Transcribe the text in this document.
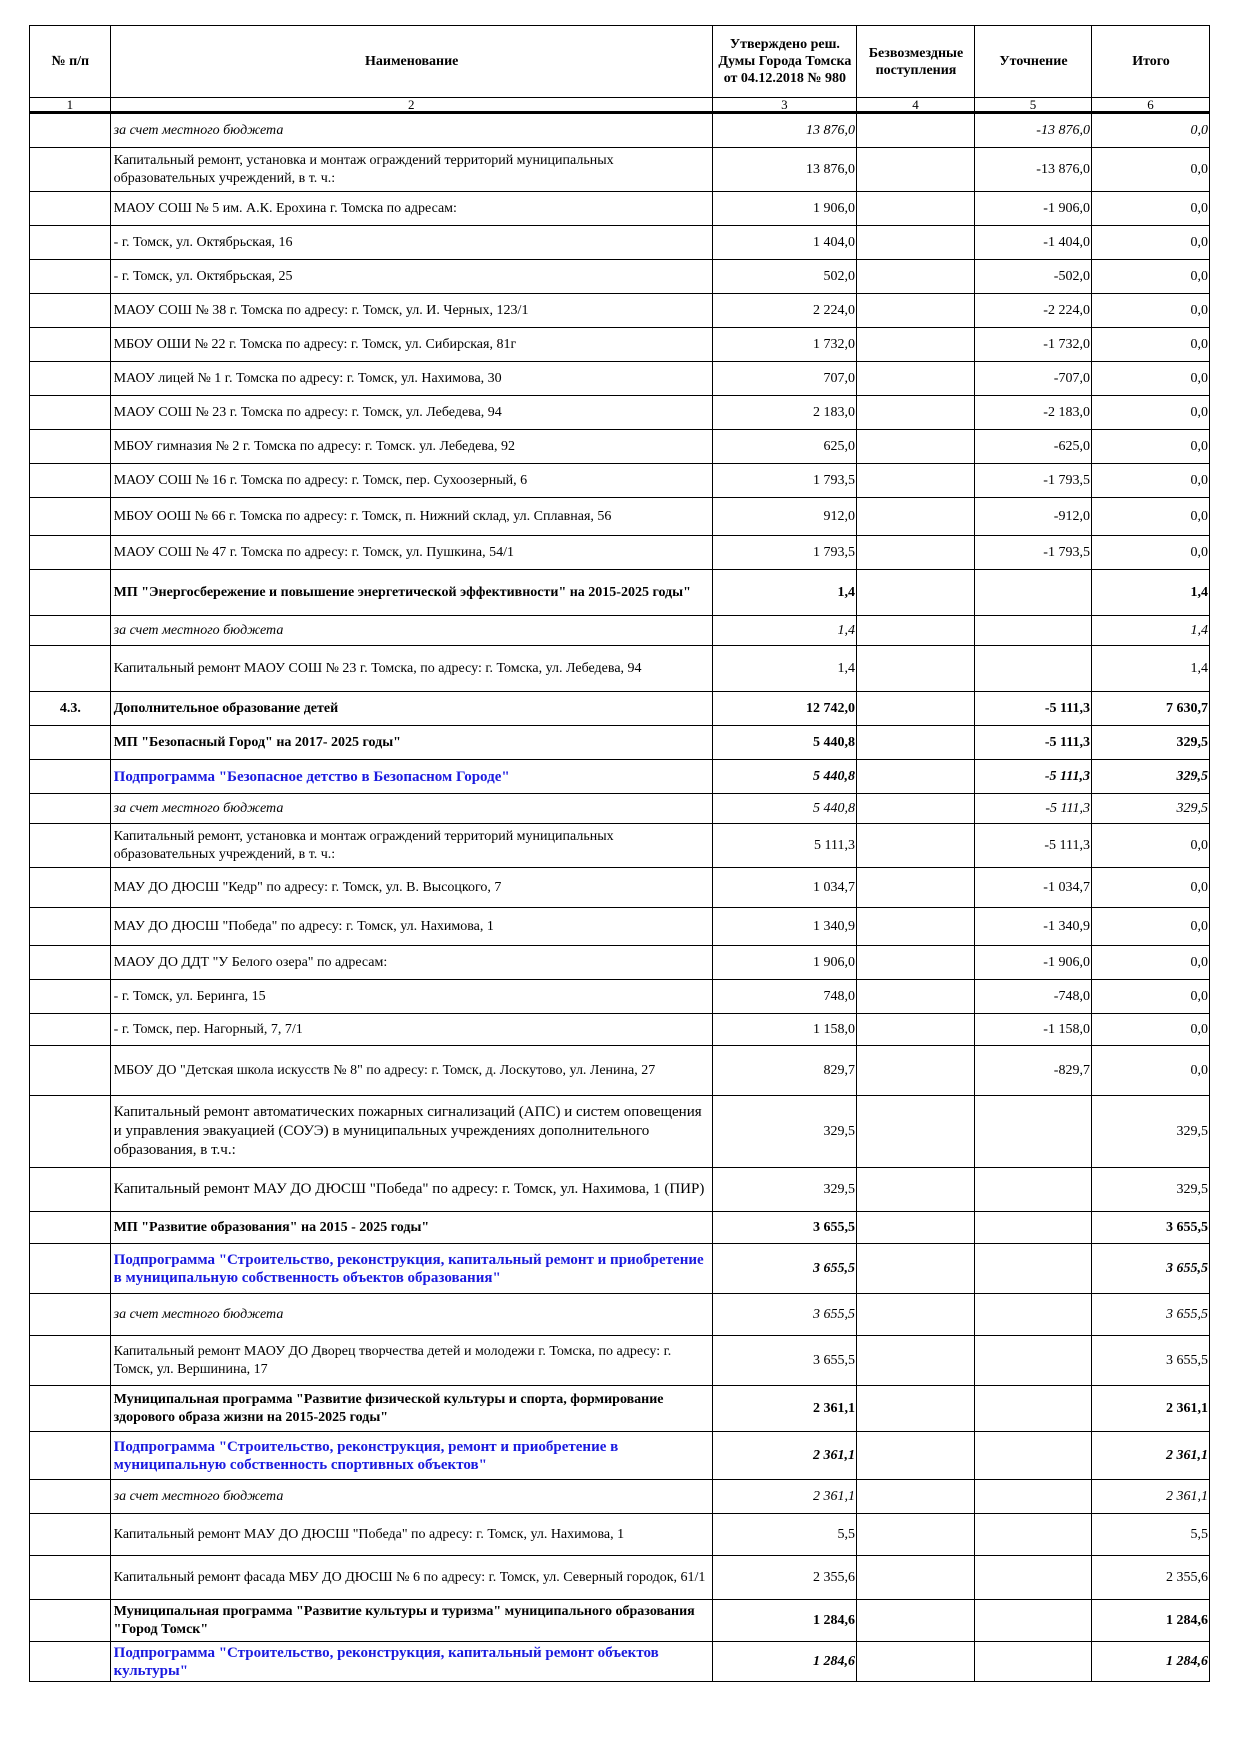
№ п/п	Наименование	Утверждено реш. Думы Города Томска от 04.12.2018 № 980	Безвозмездные поступления	Уточнение	Итого
1	2	3	4	5	6
	за счет местного бюджета	13 876,0		-13 876,0	0,0
	Капитальный ремонт, установка и монтаж ограждений территорий муниципальных образовательных учреждений, в т. ч.:	13 876,0		-13 876,0	0,0
	МАОУ СОШ № 5 им. А.К. Ерохина г. Томска по адресам:	1 906,0		-1 906,0	0,0
	- г. Томск, ул. Октябрьская, 16	1 404,0		-1 404,0	0,0
	- г. Томск, ул. Октябрьская, 25	502,0		-502,0	0,0
	МАОУ СОШ № 38 г. Томска по адресу: г. Томск, ул. И. Черных, 123/1	2 224,0		-2 224,0	0,0
	МБОУ ОШИ № 22 г. Томска по адресу: г. Томск, ул. Сибирская, 81г	1 732,0		-1 732,0	0,0
	МАОУ лицей № 1 г. Томска по адресу: г. Томск, ул. Нахимова, 30	707,0		-707,0	0,0
	МАОУ СОШ № 23 г. Томска по адресу: г. Томск, ул. Лебедева, 94	2 183,0		-2 183,0	0,0
	МБОУ гимназия № 2 г. Томска по адресу: г. Томск. ул. Лебедева, 92	625,0		-625,0	0,0
	МАОУ СОШ № 16 г. Томска по адресу: г. Томск, пер. Сухоозерный, 6	1 793,5		-1 793,5	0,0
	МБОУ ООШ № 66 г. Томска по адресу: г. Томск, п. Нижний склад, ул. Сплавная, 56	912,0		-912,0	0,0
	МАОУ СОШ № 47 г. Томска по адресу: г. Томск, ул. Пушкина, 54/1	1 793,5		-1 793,5	0,0
	МП "Энергосбережение и повышение энергетической эффективности" на 2015-2025 годы"	1,4			1,4
	за счет местного бюджета	1,4			1,4
	Капитальный ремонт МАОУ СОШ № 23 г. Томска, по адресу: г. Томска, ул. Лебедева, 94	1,4			1,4
4.3.	Дополнительное образование детей	12 742,0		-5 111,3	7 630,7
	МП "Безопасный Город" на 2017- 2025 годы"	5 440,8		-5 111,3	329,5
	Подпрограмма "Безопасное детство в Безопасном Городе"	5 440,8		-5 111,3	329,5
	за счет местного бюджета	5 440,8		-5 111,3	329,5
	Капитальный ремонт, установка и монтаж ограждений территорий муниципальных образовательных учреждений, в т. ч.:	5 111,3		-5 111,3	0,0
	МАУ ДО ДЮСШ "Кедр" по адресу: г. Томск, ул. В. Высоцкого, 7	1 034,7		-1 034,7	0,0
	МАУ ДО ДЮСШ "Победа" по адресу: г. Томск, ул. Нахимова, 1	1 340,9		-1 340,9	0,0
	МАОУ ДО ДДТ "У Белого озера" по адресам:	1 906,0		-1 906,0	0,0
	- г. Томск, ул. Беринга, 15	748,0		-748,0	0,0
	- г. Томск, пер. Нагорный, 7, 7/1	1 158,0		-1 158,0	0,0
	МБОУ ДО "Детская школа искусств № 8" по адресу: г. Томск, д. Лоскутово, ул. Ленина, 27	829,7		-829,7	0,0
	Капитальный ремонт автоматических пожарных сигнализаций (АПС) и систем оповещения и управления эвакуацией (СОУЭ) в муниципальных учреждениях дополнительного образования, в т.ч.:	329,5			329,5
	Капитальный ремонт МАУ ДО ДЮСШ "Победа" по адресу: г. Томск, ул. Нахимова, 1 (ПИР)	329,5			329,5
	МП "Развитие образования" на 2015 - 2025 годы"	3 655,5			3 655,5
	Подпрограмма "Строительство, реконструкция, капитальный ремонт и приобретение в муниципальную собственность объектов образования"	3 655,5			3 655,5
	за счет местного бюджета	3 655,5			3 655,5
	Капитальный ремонт МАОУ ДО Дворец творчества детей и молодежи г. Томска, по адресу: г. Томск, ул. Вершинина, 17	3 655,5			3 655,5
	Муниципальная программа "Развитие физической культуры и спорта, формирование здорового образа жизни на 2015-2025 годы"	2 361,1			2 361,1
	Подпрограмма "Строительство, реконструкция, ремонт и приобретение в муниципальную собственность спортивных объектов"	2 361,1			2 361,1
	за счет местного бюджета	2 361,1			2 361,1
	Капитальный ремонт МАУ ДО ДЮСШ "Победа" по адресу: г. Томск, ул. Нахимова, 1	5,5			5,5
	Капитальный ремонт фасада МБУ ДО ДЮСШ № 6 по адресу: г. Томск, ул. Северный городок, 61/1	2 355,6			2 355,6
	Муниципальная программа "Развитие культуры и туризма" муниципального образования "Город Томск"	1 284,6			1 284,6
	Подпрограмма "Строительство, реконструкция, капитальный ремонт объектов культуры"	1 284,6			1 284,6
